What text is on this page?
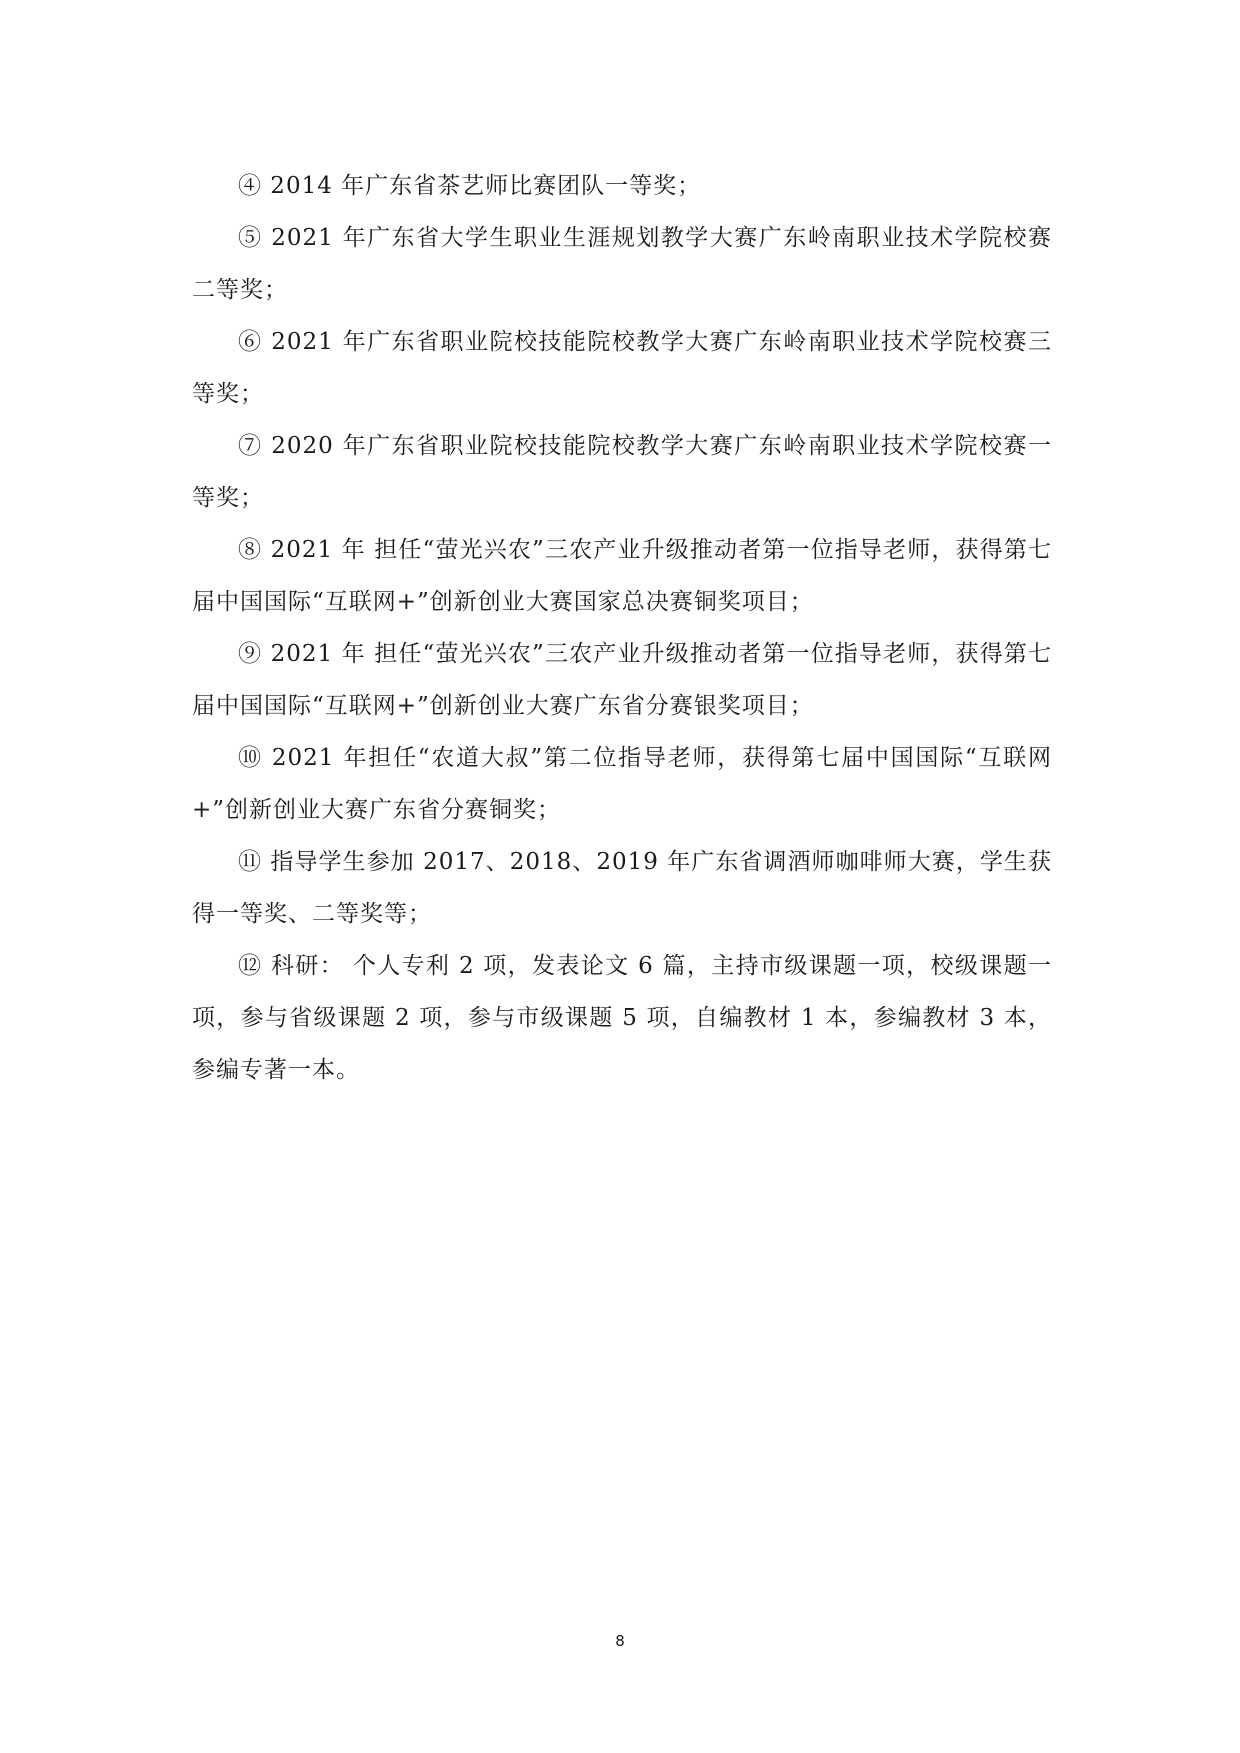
④ 2014 年广东省茶艺师比赛团队一等奖；

⑤ 2021 年广东省大学生职业生涯规划教学大赛广东岭南职业技术学院校赛二等奖；

⑥ 2021 年广东省职业院校技能院校教学大赛广东岭南职业技术学院校赛三等奖；

⑦ 2020 年广东省职业院校技能院校教学大赛广东岭南职业技术学院校赛一等奖；

⑧ 2021 年 担任“萤光兴农”三农产业升级推动者第一位指导老师，获得第七届中国国际“互联网+”创新创业大赛国家总决赛铜奖项目；

⑨ 2021 年 担任“萤光兴农”三农产业升级推动者第一位指导老师，获得第七届中国国际“互联网+”创新创业大赛广东省分赛银奖项目；

⑩ 2021 年担任“农道大叔”第二位指导老师，获得第七届中国国际“互联网+”创新创业大赛广东省分赛铜奖；

⑪ 指导学生参加 2017、2018、2019 年广东省调酒师咖啡师大赛，学生获得一等奖、二等奖等；

⑫ 科研： 个人专利 2 项，发表论文 6 篇，主持市级课题一项，校级课题一项，参与省级课题 2 项，参与市级课题 5 项，自编教材 1 本，参编教材 3 本，参编专著一本。

8
